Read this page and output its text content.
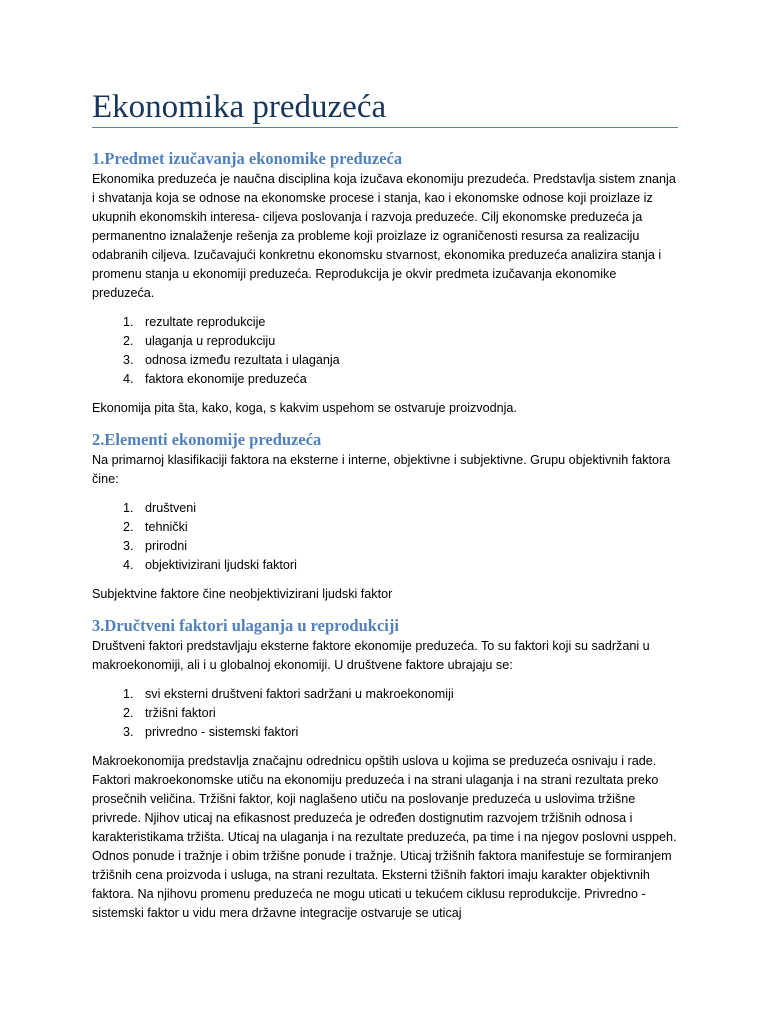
Ekonomika preduzeća
1.Predmet izučavanja ekonomike preduzeća

Ekonomika preduzeća je naučna disciplina koja izučava ekonomiju prezudeća. Predstavlja sistem znanja i shvatanja koja se odnose na ekonomske procese i stanja, kao i ekonomske odnose koji proizlaze iz ukupnih ekonomskih interesa- ciljeva poslovanja i razvoja preduzeće. Cilj ekonomske preduzeća ja permanentno iznalaženje rešenja za probleme koji proizlaze iz ograničenosti resursa za realizaciju odabranih ciljeva. Izučavajući konkretnu ekonomsku stvarnost, ekonomika preduzeća analizira stanja i promenu stanja u ekonomiji preduzeća. Reprodukcija je okvir predmeta izučavanja ekonomike preduzeća.

1. rezultate reprodukcije
2. ulaganja u reprodukciju
3. odnosa između rezultata i ulaganja
4. faktora ekonomije preduzeća

Ekonomija pita šta, kako, koga, s kakvim uspehom se ostvaruje proizvodnja.

2.Elementi ekonomije preduzeća

Na primarnoj klasifikaciji faktora na eksterne i interne, objektivne i subjektivne. Grupu objektivnih faktora čine:

1. društveni
2. tehnički
3. prirodni
4. objektivizirani ljudski faktori

Subjektvine faktore čine neobjektivizirani ljudski faktor

3.Dručtveni faktori ulaganja u reprodukciji

Društveni faktori predstavljaju eksterne faktore ekonomije preduzeća. To su faktori koji su sadržani u makroekonomiji, ali i u globalnoj ekonomiji. U društvene faktore ubrajaju se:

1. svi eksterni društveni faktori sadržani u makroekonomiji
2. tržišni faktori
3. privredno - sistemski faktori

Makroekonomija predstavlja značajnu odrednicu opštih uslova u kojima se preduzeća osnivaju i rade. Faktori makroekonomske utiču na ekonomiju preduzeća i na strani ulaganja i na strani rezultata preko prosečnih veličina. Tržišni faktor, koji naglašeno utiču na poslovanje preduzeća u uslovima tržišne privrede. Njihov uticaj na efikasnost preduzeća je određen dostignutim razvojem tržišnih odnosa i karakteristikama tržišta. Uticaj na ulaganja i na rezultate preduzeća, pa time i na njegov poslovni usppeh. Odnos ponude i tražnje i obim tržišne ponude i tražnje. Uticaj tržišnih faktora manifestuje se formiranjem tržišnih cena proizvoda i usluga, na strani rezultata. Eksterni tžišnih faktori imaju karakter objektivnih faktora. Na njihovu promenu preduzeća ne mogu uticati u tekućem ciklusu reprodukcije. Privredno - sistemski faktor u vidu mera državne integracije ostvaruje se uticaj
